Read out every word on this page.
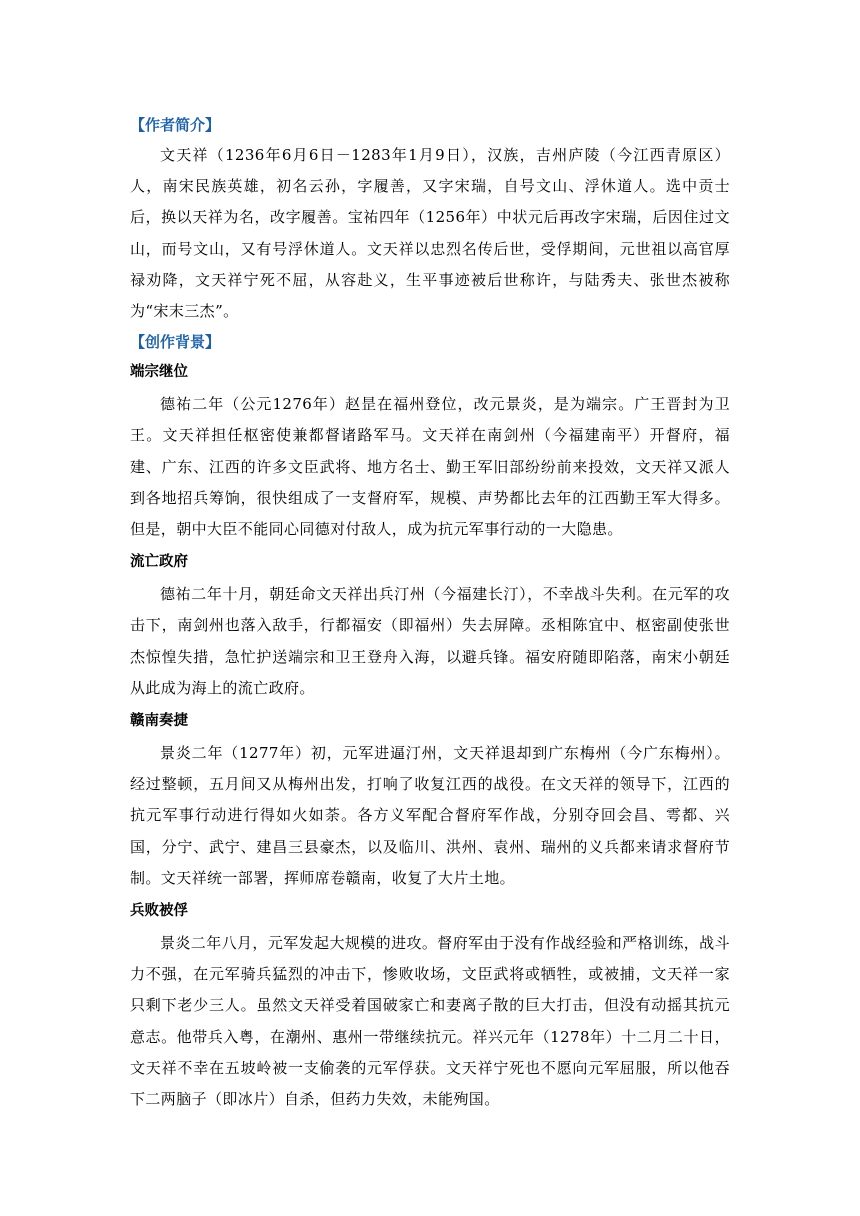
【作者简介】

文天祥（1236年6月6日－1283年1月9日），汉族，吉州庐陵（今江西青原区）人，南宋民族英雄，初名云孙，字履善，又字宋瑞，自号文山、浮休道人。选中贡士后，换以天祥为名，改字履善。宝祐四年（1256年）中状元后再改字宋瑞，后因住过文山，而号文山，又有号浮休道人。文天祥以忠烈名传后世，受俘期间，元世祖以高官厚禄劝降，文天祥宁死不屈，从容赴义，生平事迹被后世称许，与陆秀夫、张世杰被称为“宋末三杰”。

【创作背景】
端宗继位

德祐二年（公元1276年）赵昰在福州登位，改元景炎，是为端宗。广王晋封为卫王。文天祥担任枢密使兼都督诸路军马。文天祥在南剑州（今福建南平）开督府，福建、广东、江西的许多文臣武将、地方名士、勤王军旧部纷纷前来投效，文天祥又派人到各地招兵筹饷，很快组成了一支督府军，规模、声势都比去年的江西勤王军大得多。但是，朝中大臣不能同心同德对付敌人，成为抗元军事行动的一大隐患。

流亡政府

德祐二年十月，朝廷命文天祥出兵汀州（今福建长汀），不幸战斗失利。在元军的攻击下，南剑州也落入敌手，行都福安（即福州）失去屏障。丞相陈宜中、枢密副使张世杰惊惶失措，急忙护送端宗和卫王登舟入海，以避兵锋。福安府随即陷落，南宋小朝廷从此成为海上的流亡政府。

赣南奏捷

景炎二年（1277年）初，元军进逼汀州，文天祥退却到广东梅州（今广东梅州）。经过整顿，五月间又从梅州出发，打响了收复江西的战役。在文天祥的领导下，江西的抗元军事行动进行得如火如荼。各方义军配合督府军作战，分别夺回会昌、雩都、兴国，分宁、武宁、建昌三县豪杰，以及临川、洪州、袁州、瑞州的义兵都来请求督府节制。文天祥统一部署，挥师席卷赣南，收复了大片土地。

兵败被俘

景炎二年八月，元军发起大规模的进攻。督府军由于没有作战经验和严格训练，战斗力不强，在元军骑兵猛烈的冲击下，惨败收场，文臣武将或牺牲，或被捕，文天祥一家只剩下老少三人。虽然文天祥受着国破家亡和妻离子散的巨大打击，但没有动摇其抗元意志。他带兵入粤，在潮州、惠州一带继续抗元。祥兴元年（1278年）十二月二十日，文天祥不幸在五坡岭被一支偷袭的元军俘获。文天祥宁死也不愿向元军屈服，所以他吞下二两脑子（即冰片）自杀，但药力失效，未能殉国。
